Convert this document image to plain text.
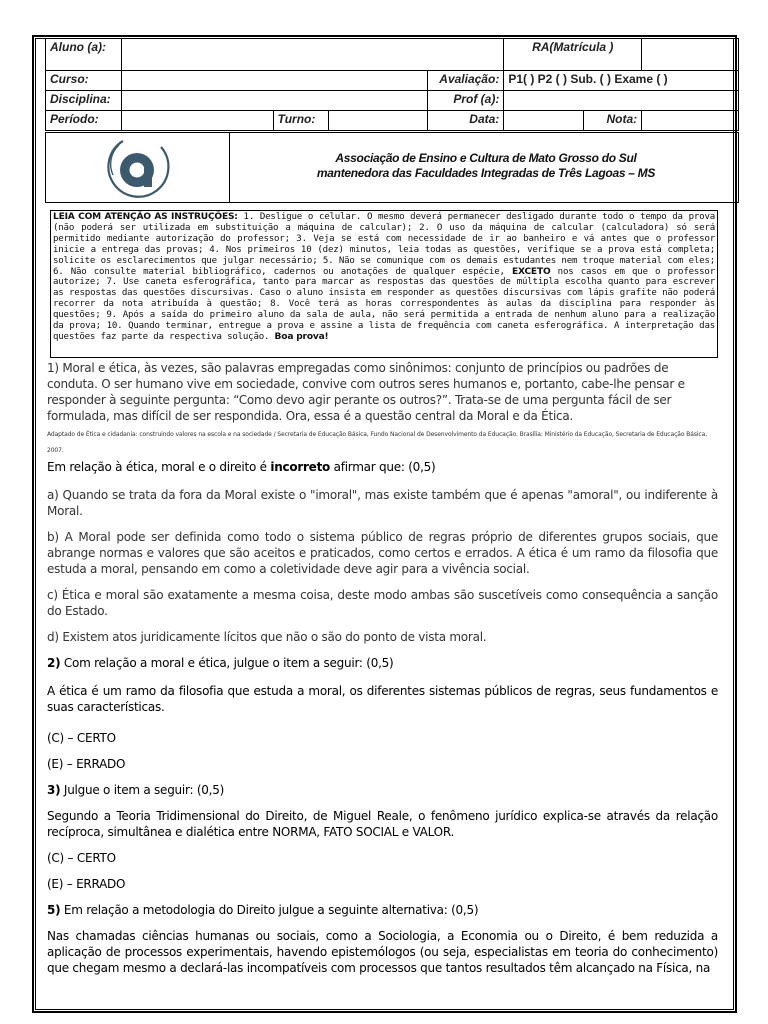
Aluno (a):					RA(Matrícula )		
Curso:				Avaliação:	P1( ) P2 ( ) Sub. ( ) Exame ( )		
Disciplina:				Prof (a):			
Período:		Turno:		Data:		Nota:	
Associação de Ensino e Cultura de Mato Grosso do Sul
mantenedora das Faculdades Integradas de Três Lagoas – MS
LEIA COM ATENÇÃO AS INSTRUÇÕES: 1. Desligue o celular. O mesmo deverá permanecer desligado durante todo o tempo da prova (não poderá ser utilizada em substituição a máquina de calcular); 2. O uso da máquina de calcular (calculadora) só será permitido mediante autorização do professor; 3. Veja se está com necessidade de ir ao banheiro e vá antes que o professor inicie a entrega das provas; 4. Nos primeiros 10 (dez) minutos, leia todas as questões, verifique se a prova está completa; solicite os esclarecimentos que julgar necessário; 5. Não se comunique com os demais estudantes nem troque material com eles; 6. Não consulte material bibliográfico, cadernos ou anotações de qualquer espécie, EXCETO nos casos em que o professor autorize; 7. Use caneta esferográfica, tanto para marcar as respostas das questões de múltipla escolha quanto para escrever as respostas das questões discursivas. Caso o aluno insista em responder as questões discursivas com lápis grafite não poderá recorrer da nota atribuída à questão; 8. Você terá as horas correspondentes às aulas da disciplina para responder às questões; 9. Após a saída do primeiro aluno da sala de aula, não será permitida a entrada de nenhum aluno para a realização da prova; 10. Quando terminar, entregue a prova e assine a lista de frequência com caneta esferográfica. A interpretação das questões faz parte da respectiva solução. Boa prova!

1) Moral e ética, às vezes, são palavras empregadas como sinônimos: conjunto de princípios ou padrões de conduta. O ser humano vive em sociedade, convive com outros seres humanos e, portanto, cabe-lhe pensar e responder à seguinte pergunta: “Como devo agir perante os outros?”. Trata-se de uma pergunta fácil de ser formulada, mas difícil de ser respondida. Ora, essa é a questão central da Moral e da Ética.

Adaptado de Ética e cidadania: construindo valores na escola e na sociedade / Secretaria de Educação Básica, Fundo Nacional de Desenvolvimento da Educação. Brasília: Ministério da Educação, Secretaria de Educação Básica, 2007.

Em relação à ética, moral e o direito é incorreto afirmar que: (0,5)

a) Quando se trata da fora da Moral existe o "imoral", mas existe também que é apenas "amoral", ou indiferente à Moral.

b) A Moral pode ser definida como todo o sistema público de regras próprio de diferentes grupos sociais, que abrange normas e valores que são aceitos e praticados, como certos e errados. A ética é um ramo da filosofia que estuda a moral, pensando em como a coletividade deve agir para a vivência social.

c) Ética e moral são exatamente a mesma coisa, deste modo ambas são suscetíveis como consequência a sanção do Estado.

d) Existem atos juridicamente lícitos que não o são do ponto de vista moral.

2) Com relação a moral e ética, julgue o item a seguir: (0,5)

A ética é um ramo da filosofia que estuda a moral, os diferentes sistemas públicos de regras, seus fundamentos e suas características.

(C) – CERTO

(E) – ERRADO

3) Julgue o item a seguir: (0,5)

Segundo a Teoria Tridimensional do Direito, de Miguel Reale, o fenômeno jurídico explica-se através da relação recíproca, simultânea e dialética entre NORMA, FATO SOCIAL e VALOR.

(C) – CERTO

(E) – ERRADO

5) Em relação a metodologia do Direito julgue a seguinte alternativa: (0,5)

Nas chamadas ciências humanas ou sociais, como a Sociologia, a Economia ou o Direito, é bem reduzida a aplicação de processos experimentais, havendo epistemólogos (ou seja, especialistas em teoria do conhecimento) que chegam mesmo a declará-las incompatíveis com processos que tantos resultados têm alcançado na Física, na
